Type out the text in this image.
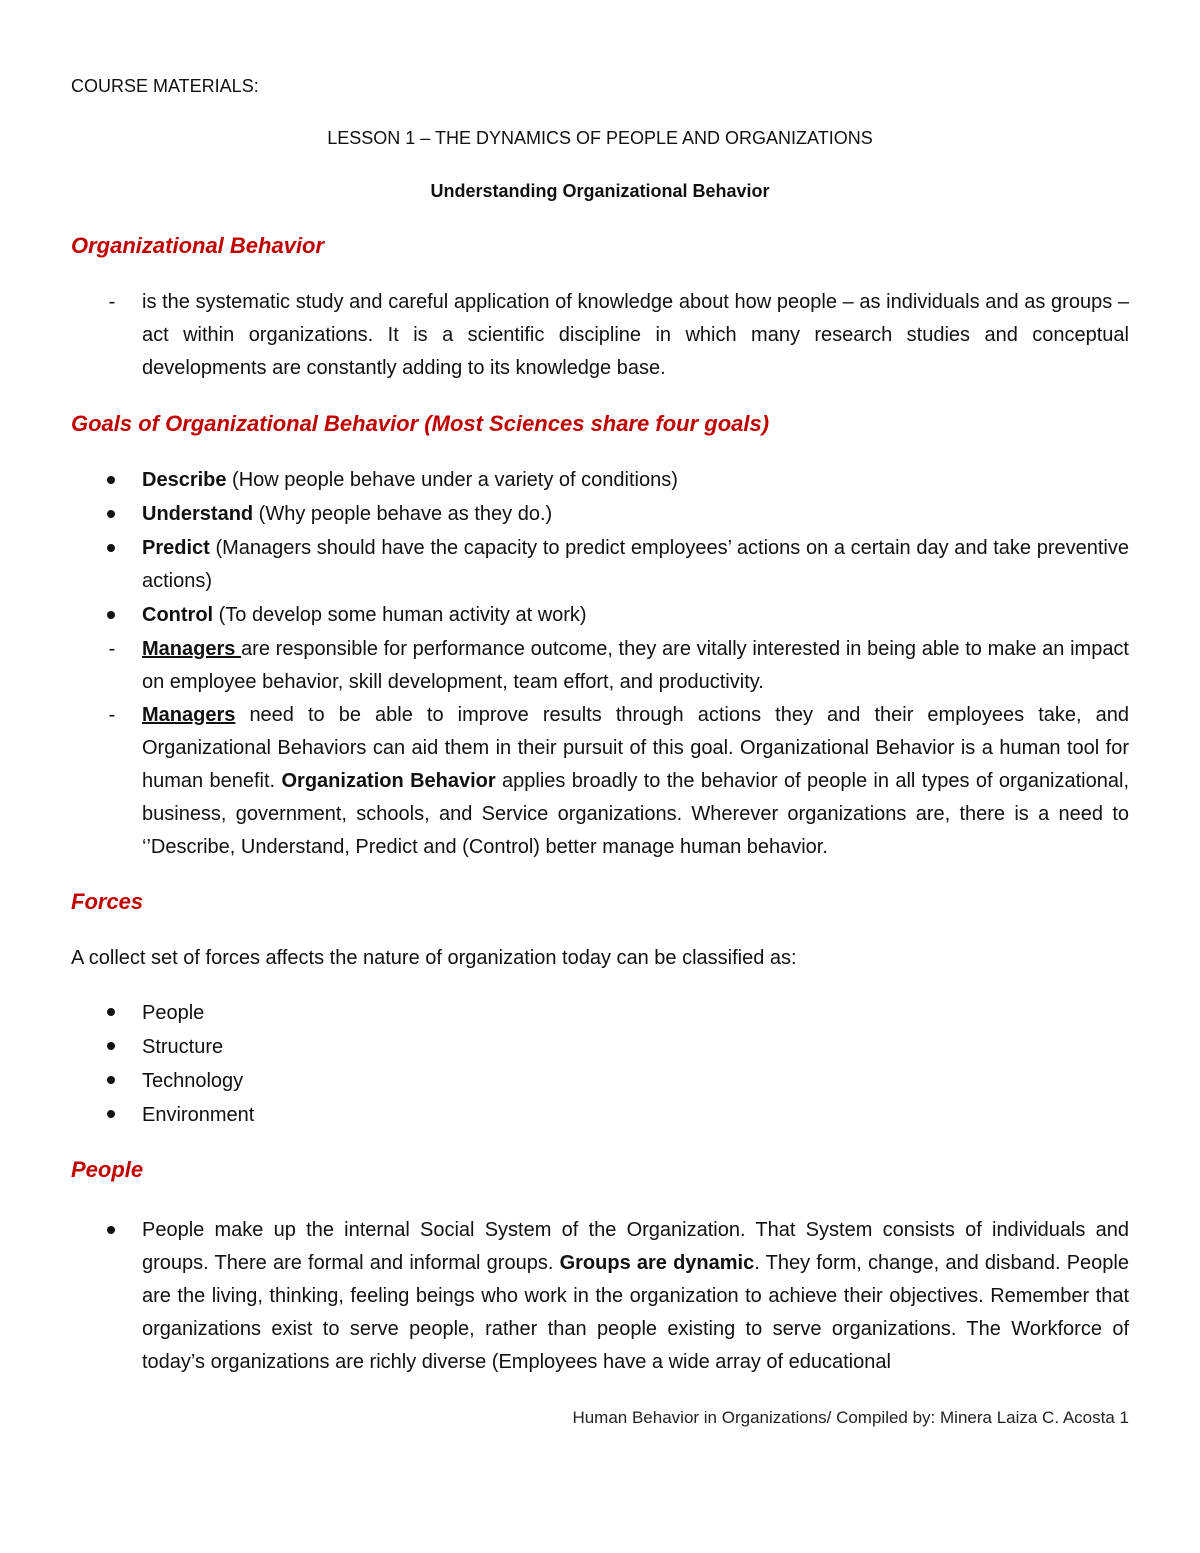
COURSE MATERIALS:
LESSON 1 – THE DYNAMICS OF PEOPLE AND ORGANIZATIONS
Understanding Organizational Behavior
Organizational Behavior
-	is the systematic study and careful application of knowledge about how people – as individuals and as groups – act within organizations. It is a scientific discipline in which many research studies and conceptual developments are constantly adding to its knowledge base.
Goals of Organizational Behavior (Most Sciences share four goals)
Describe (How people behave under a variety of conditions)
Understand (Why people behave as they do.)
Predict (Managers should have the capacity to predict employees’ actions on a certain day and take preventive actions)
Control (To develop some human activity at work)
-	Managers are responsible for performance outcome, they are vitally interested in being able to make an impact on employee behavior, skill development, team effort, and productivity.
-	Managers need to be able to improve results through actions they and their employees take, and Organizational Behaviors can aid them in their pursuit of this goal. Organizational Behavior is a human tool for human benefit. Organization Behavior applies broadly to the behavior of people in all types of organizational, business, government, schools, and Service organizations. Wherever organizations are, there is a need to ‘’Describe, Understand, Predict and (Control) better manage human behavior.
Forces
A collect set of forces affects the nature of organization today can be classified as:
People
Structure
Technology
Environment
People
People make up the internal Social System of the Organization. That System consists of individuals and groups. There are formal and informal groups. Groups are dynamic. They form, change, and disband. People are the living, thinking, feeling beings who work in the organization to achieve their objectives. Remember that organizations exist to serve people, rather than people existing to serve organizations. The Workforce of today’s organizations are richly diverse (Employees have a wide array of educational
Human Behavior in Organizations/ Compiled by: Minera Laiza C. Acosta 1
